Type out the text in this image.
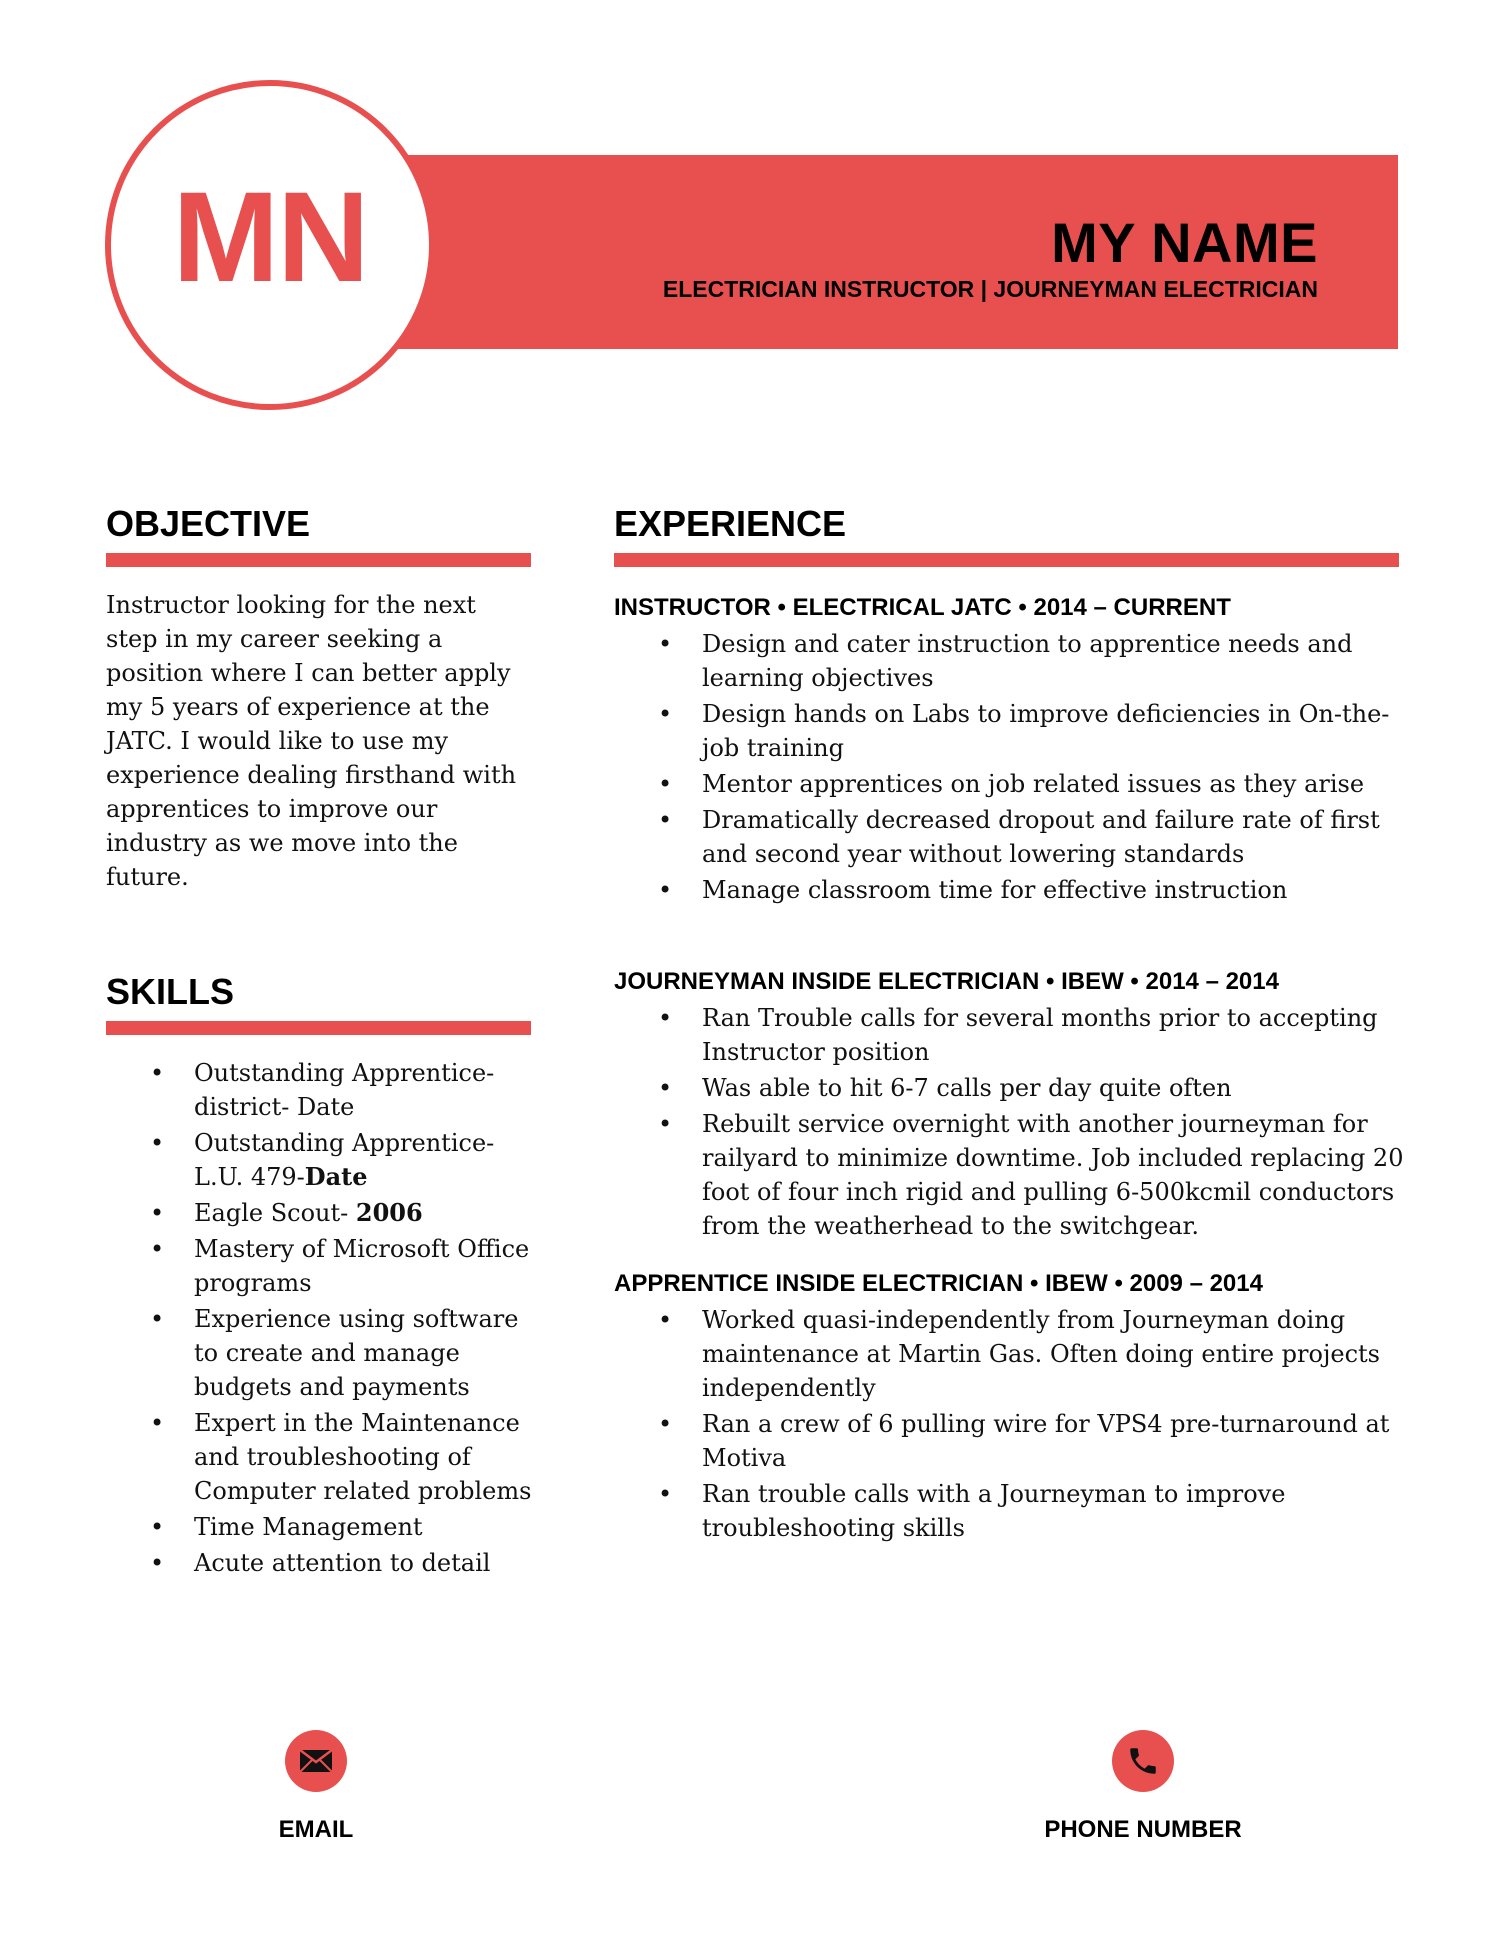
MY NAME
ELECTRICIAN INSTRUCTOR | JOURNEYMAN ELECTRICIAN
MN
OBJECTIVE

Instructor looking for the next step in my career seeking a position where I can better apply my 5 years of experience at the JATC. I would like to use my experience dealing firsthand with apprentices to improve our industry as we move into the future.

SKILLS
• Outstanding Apprentice-district- Date
• Outstanding Apprentice- L.U. 479-Date
• Eagle Scout- 2006
• Mastery of Microsoft Office programs
• Experience using software to create and manage budgets and payments
• Expert in the Maintenance and troubleshooting of Computer related problems
• Time Management
• Acute attention to detail
EXPERIENCE
INSTRUCTOR • ELECTRICAL JATC • 2014 – CURRENT
• Design and cater instruction to apprentice needs and learning objectives
• Design hands on Labs to improve deficiencies in On-the-job training
• Mentor apprentices on job related issues as they arise
• Dramatically decreased dropout and failure rate of first and second year without lowering standards
• Manage classroom time for effective instruction
JOURNEYMAN INSIDE ELECTRICIAN • IBEW • 2014 – 2014
• Ran Trouble calls for several months prior to accepting Instructor position
• Was able to hit 6-7 calls per day quite often
• Rebuilt service overnight with another journeyman for railyard to minimize downtime. Job included replacing 20 foot of four inch rigid and pulling 6-500kcmil conductors from the weatherhead to the switchgear.
APPRENTICE INSIDE ELECTRICIAN • IBEW • 2009 – 2014
• Worked quasi-independently from Journeyman doing maintenance at Martin Gas. Often doing entire projects independently
• Ran a crew of 6 pulling wire for VPS4 pre-turnaround at Motiva
• Ran trouble calls with a Journeyman to improve troubleshooting skills
EMAIL	PHONE NUMBER
